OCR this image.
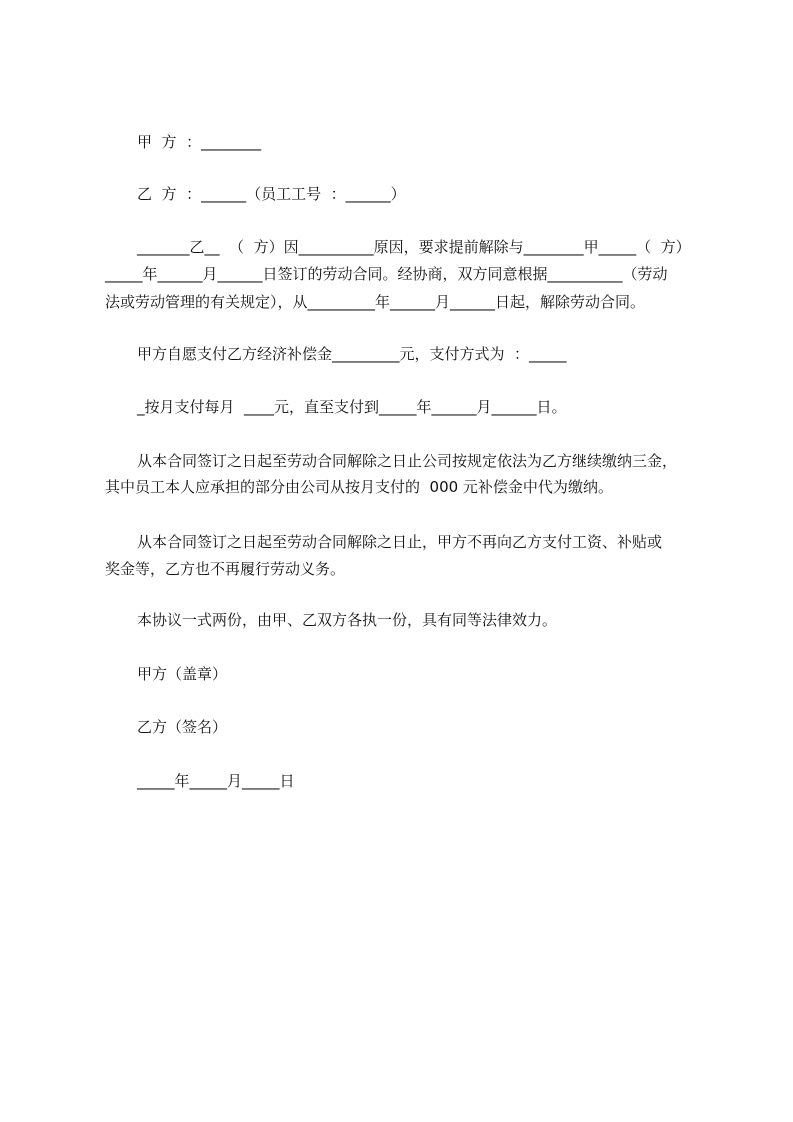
甲  方  ：________
乙  方  ：______（员工工号  ：______）
_______乙__  （  方）因__________原因，要求提前解除与________甲_____（  方）
_____年______月______日签订的劳动合同。经协商，双方同意根据__________（劳动
法或劳动管理的有关规定），从_________年______月______日起，解除劳动合同。
甲方自愿支付乙方经济补偿金_________元，支付方式为  ：_____
_按月支付每月  ____元，直至支付到_____年______月______日。
从本合同签订之日起至劳动合同解除之日止公司按规定依法为乙方继续缴纳三金，
其中员工本人应承担的部分由公司从按月支付的  000 元补偿金中代为缴纳。
从本合同签订之日起至劳动合同解除之日止，甲方不再向乙方支付工资、补贴或
奖金等，乙方也不再履行劳动义务。
本协议一式两份，由甲、乙双方各执一份，具有同等法律效力。
甲方（盖章）
乙方（签名）
_____年_____月_____日
